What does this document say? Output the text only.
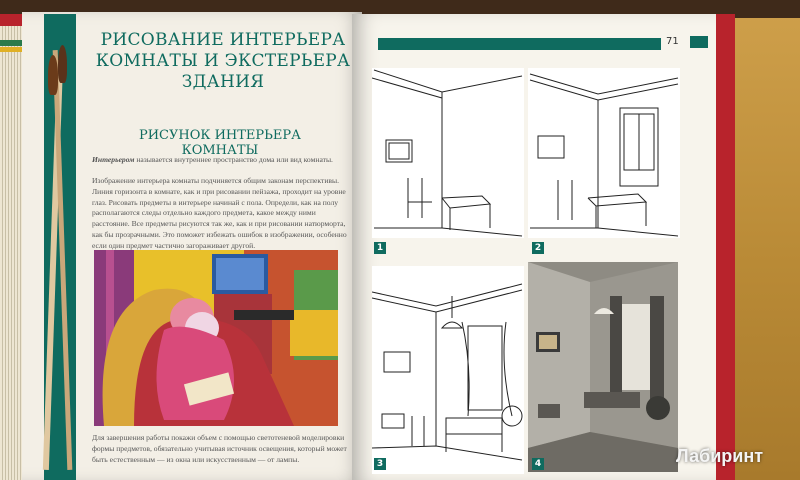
РИСОВАНИЕ ИНТЕРЬЕРА
КОМНАТЫ И ЭКСТЕРЬЕРА ЗДАНИЯ
РИСУНОК ИНТЕРЬЕРА КОМНАТЫ
Интерьером называется внутреннее пространство дома или вид комнаты.
Изображение интерьера комнаты подчиняется общим законам перспективы. Линия горизонта в комнате, как и при рисовании пейзажа, проходит на уровне глаз. Рисовать предметы в интерьере начинай с пола. Определи, как на полу располагаются следы отдельно каждого предмета, какое между ними расстояние. Все предметы рисуются так же, как и при рисовании натюрморта, как бы прозрачными. Это поможет избежать ошибок в изображении, особенно если один предмет частично загораживает другой.
Для завершения работы покажи объем с помощью светотеневой моделировки формы предметов, обязательно учитывая источник освещения, который может быть естественным — из окна или искусственным — от лампы.
71
1	2
3	4	Лабиринт
